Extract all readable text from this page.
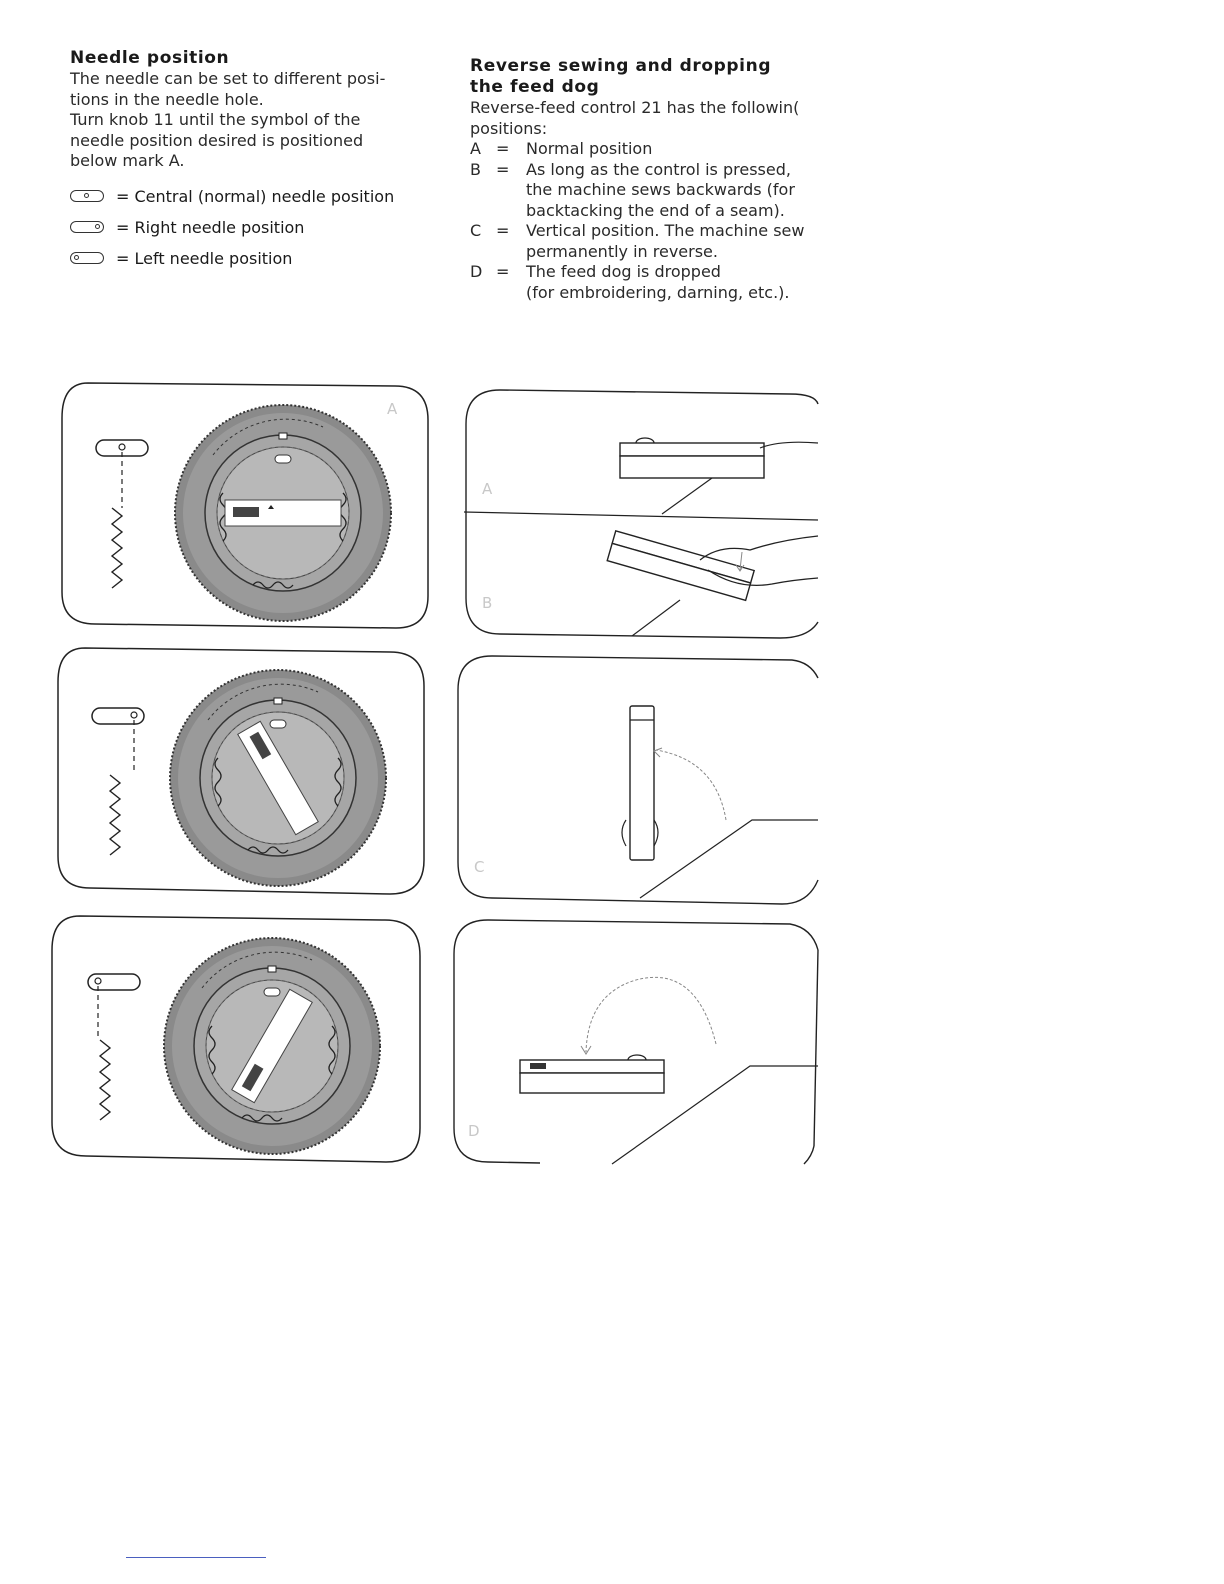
Needle position
The needle can be set to different posi-
tions in the needle hole.
Turn knob 11 until the symbol of the
needle position desired is positioned
below mark A.
= Central (normal) needle position
= Right needle position
= Left needle position
Reverse sewing and dropping
the feed dog
Reverse-feed control 21 has the followin(
positions:
A =	Normal position
B =	As long as the control is pressed,
the machine sews backwards (for
backtacking the end of a seam).
C =	Vertical position. The machine sew
permanently in reverse.
D =	The feed dog is dropped
(for embroidering, darning, etc.).
A
A
B
C
D
